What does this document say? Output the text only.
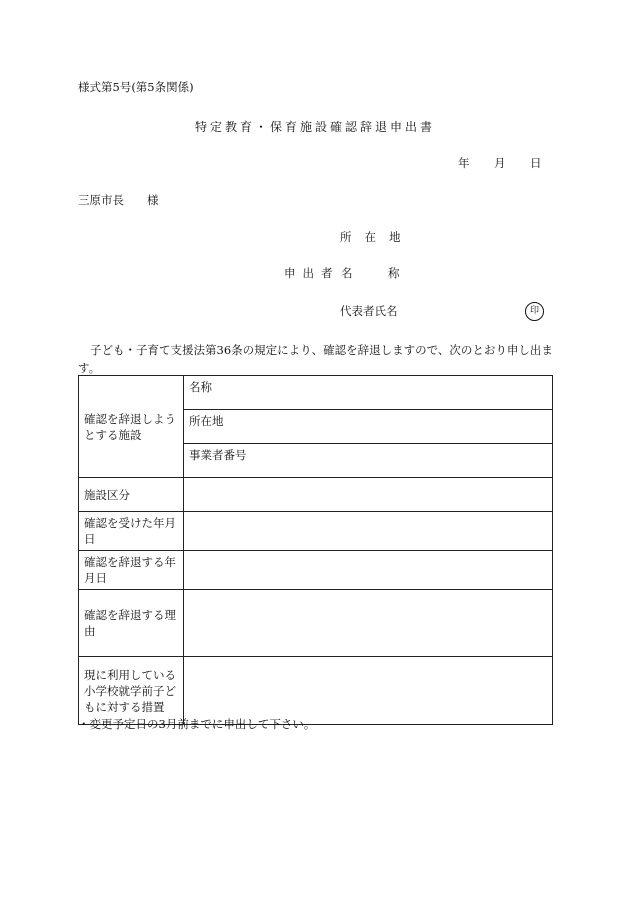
様式第5号(第5条関係)
特定教育・保育施設確認辞退申出書
年 月 日
三原市長　　様
所在地
申出者 名 称
代表者氏名	印
子ども・子育て支援法第36条の規定により、確認を辞退しますので、次のとおり申し出ます。
確認を辞退しようとする施設	名称
	所在地
	事業者番号
施設区分	
確認を受けた年月日	
確認を辞退する年月日	
確認を辞退する理由	
現に利用している小学校就学前子どもに対する措置	
・変更予定日の3月前までに申出して下さい。
